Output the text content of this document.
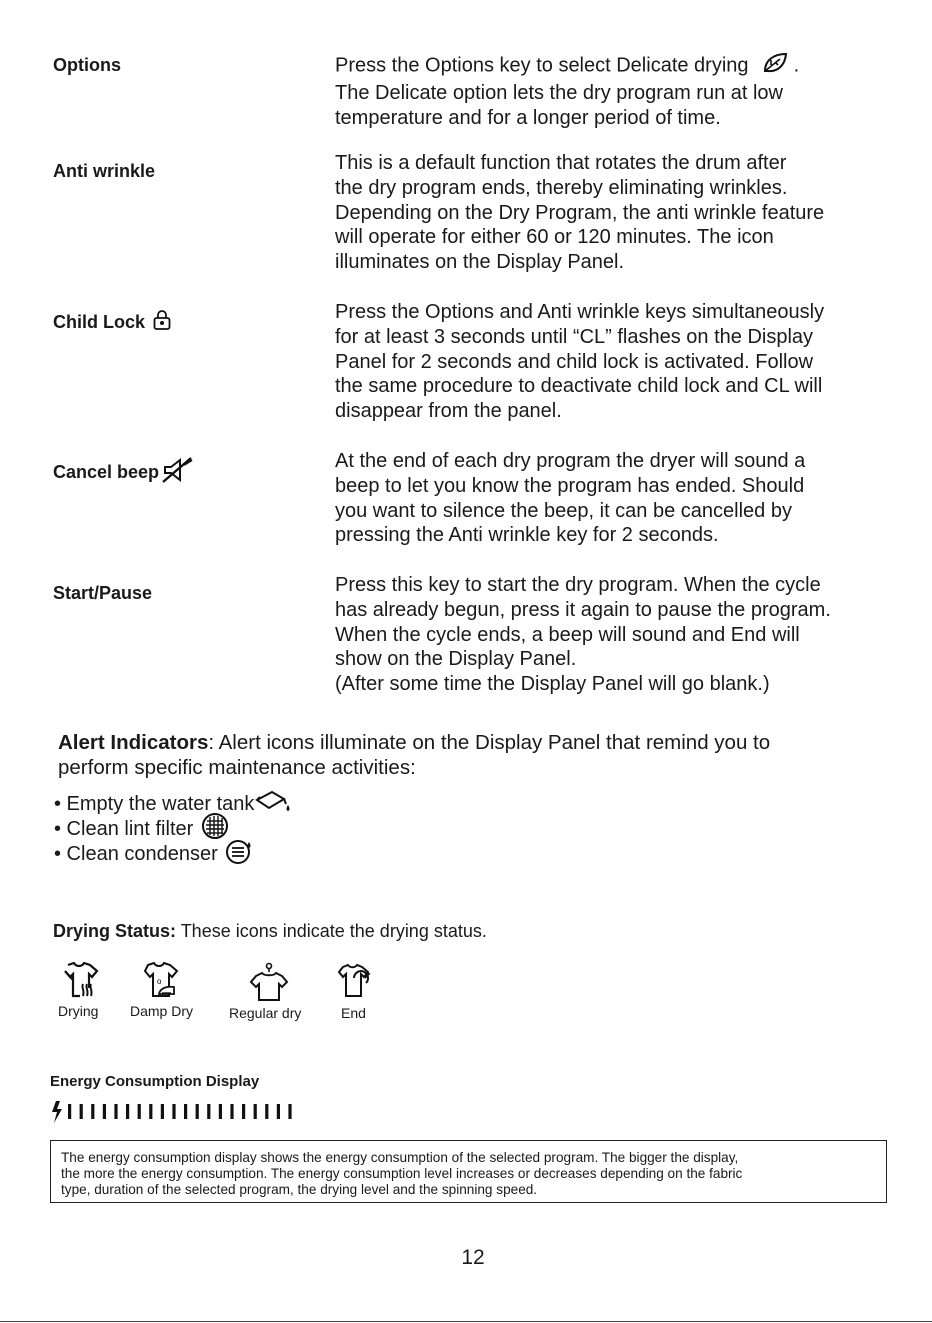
Options	Press the Options key to select Delicate drying  .

The Delicate option lets the dry program run at low

temperature and for a longer period of time.

Anti wrinkle	This is a default function that rotates the drum after

the dry program ends, thereby eliminating wrinkles.

Depending on the Dry Program, the anti wrinkle feature

will operate for either 60 or 120 minutes. The icon

illuminates on the Display Panel.

Child Lock	Press the Options and Anti wrinkle keys simultaneously

for at least 3 seconds until “CL” flashes on the Display

Panel for 2 seconds and child lock is activated. Follow

the same procedure to deactivate child lock and CL will

disappear from the panel.

Cancel beep	At the end of each dry program the dryer will sound a

beep to let you know the program has ended. Should

you want to silence the beep, it can be cancelled by

pressing the Anti wrinkle key for 2 seconds.

Start/Pause	Press this key to start the dry program. When the cycle

has already begun, press it again to pause the program.

When the cycle ends, a beep will sound and End will

show on the Display Panel.

(After some time the Display Panel will go blank.)

Alert Indicators: Alert icons illuminate on the Display Panel that remind you to
perform specific maintenance activities:
• Empty the water tank
• Clean lint filter
• Clean condenser
Drying Status: These icons indicate the drying status.
o
Drying Damp Dry	Regular dry	End
Energy Consumption Display
The energy consumption display shows the energy consumption of the selected program. The bigger the display,
the more the energy consumption. The energy consumption level increases or decreases depending on the fabric
type, duration of the selected program, the drying level and the spinning speed.
12
